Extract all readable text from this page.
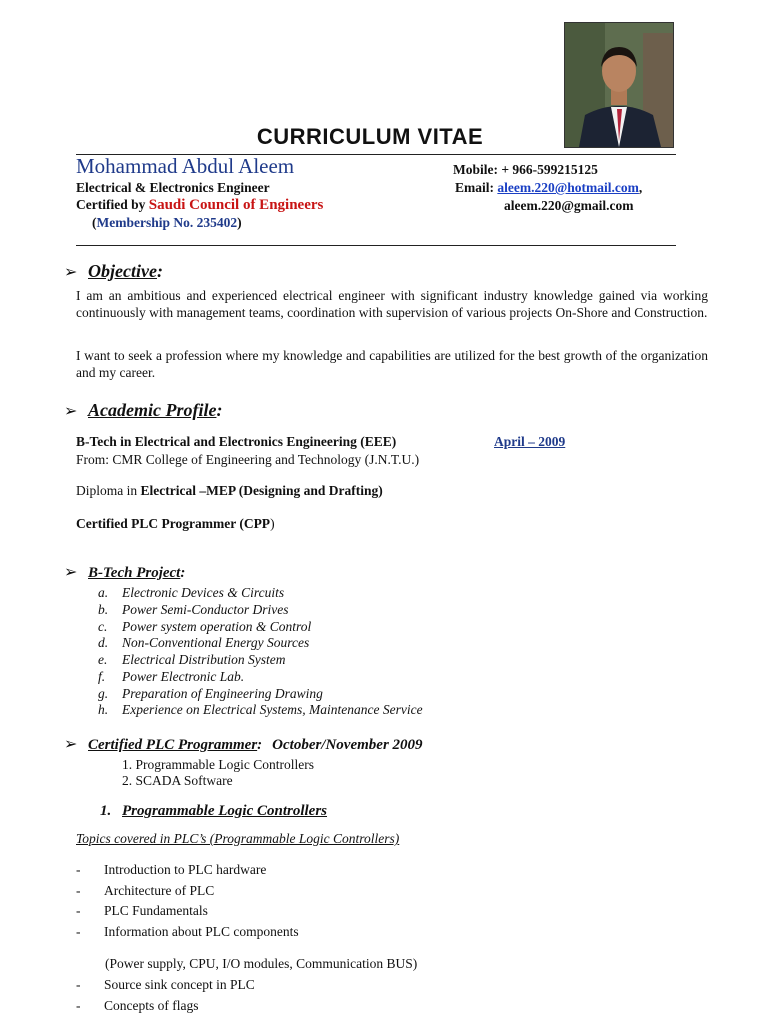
CURRICULUM VITAE
Mohammad Abdul Aleem
Electrical & Electronics Engineer
Certified by Saudi Council of Engineers
(Membership No. 235402)
Mobile: + 966-599215125
Email: aleem.220@hotmail.com,
aleem.220@gmail.com
➢ Objective:
I am an ambitious and experienced electrical engineer with significant industry knowledge gained via working continuously with management teams, coordination with supervision of various projects On-Shore and Construction.
I want to seek a profession where my knowledge and capabilities are utilized for the best growth of the organization and my career.
➢ Academic Profile:
B-Tech in Electrical and Electronics Engineering (EEE)	April – 2009
From: CMR College of Engineering and Technology (J.N.T.U.)
Diploma in Electrical –MEP (Designing and Drafting)
Certified PLC Programmer (CPP)
➢ B-Tech Project:
a. Electronic Devices & Circuits
b. Power Semi-Conductor Drives
c. Power system operation & Control
d. Non-Conventional Energy Sources
e. Electrical Distribution System
f. Power Electronic Lab.
g. Preparation of Engineering Drawing
h. Experience on Electrical Systems, Maintenance Service
➢ Certified PLC Programmer: October/November 2009
1. Programmable Logic Controllers
2. SCADA Software
1. Programmable Logic Controllers
Topics covered in PLC’s (Programmable Logic Controllers)
- Introduction to PLC hardware
- Architecture of PLC
- PLC Fundamentals
- Information about PLC components
(Power supply, CPU, I/O modules, Communication BUS)
- Source sink concept in PLC
- Concepts of flags
